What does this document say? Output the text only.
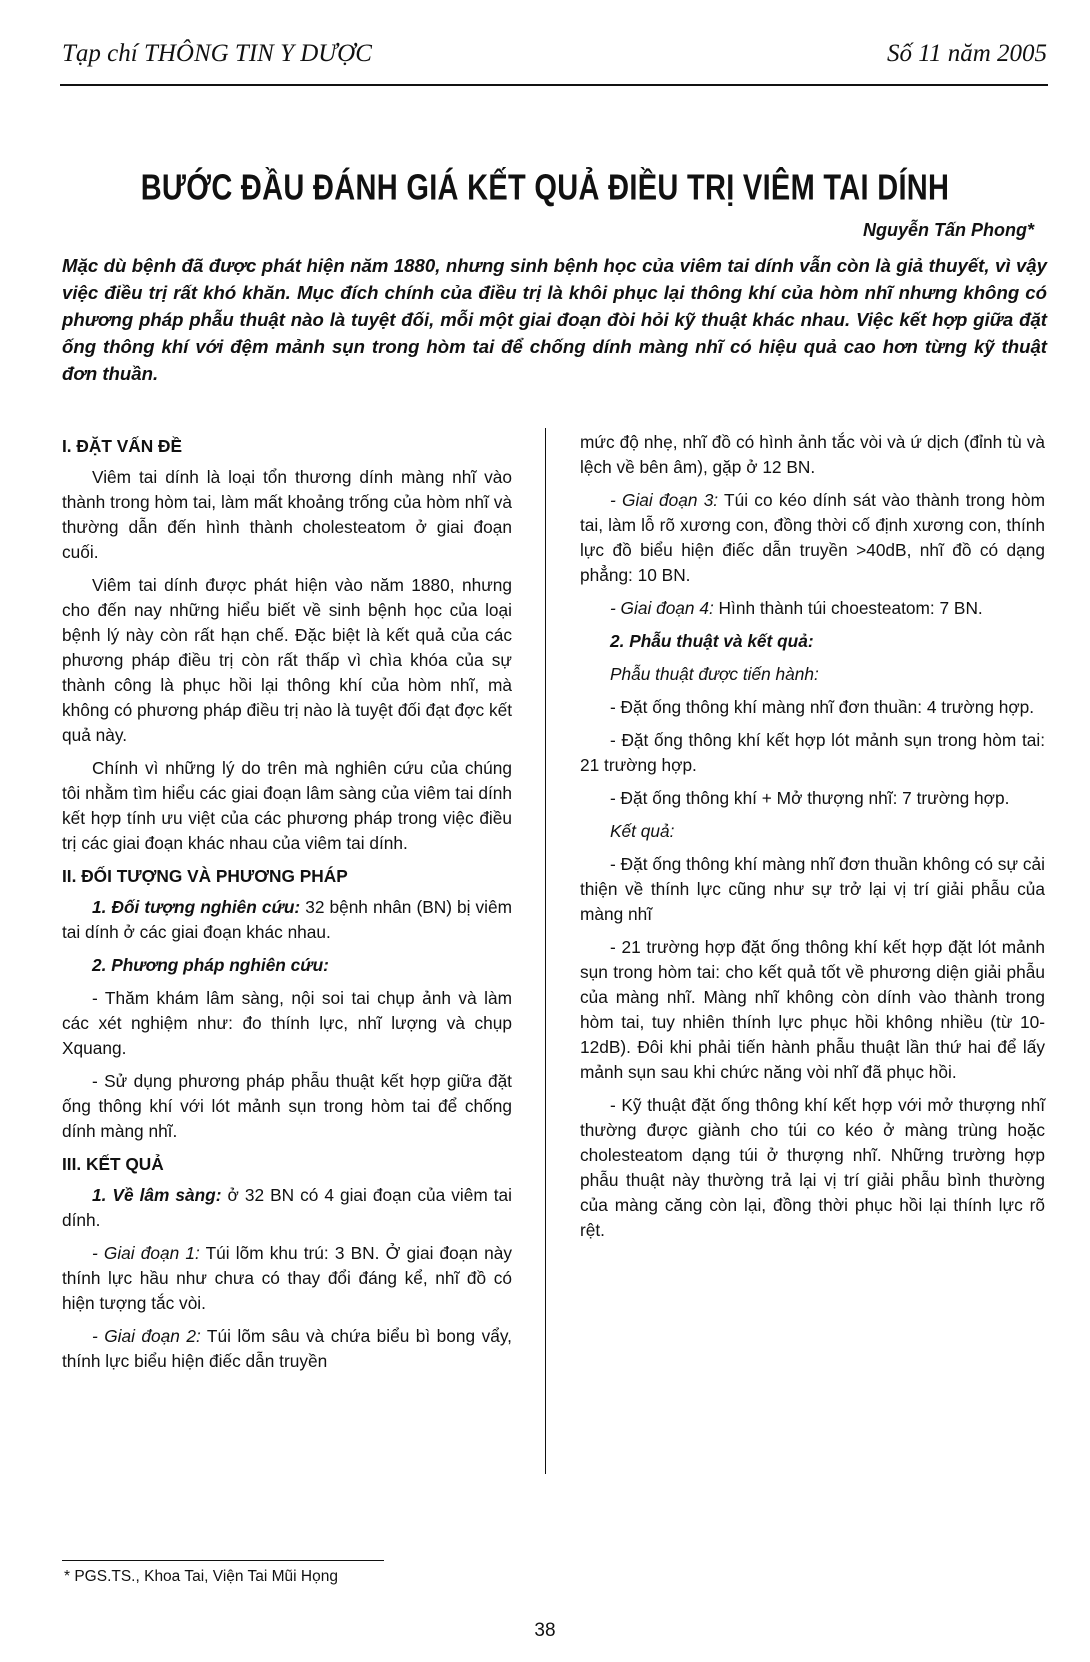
Tạp chí THÔNG TIN Y DƯỢC	Số 11 năm 2005
BƯỚC ĐẦU ĐÁNH GIÁ KẾT QUẢ ĐIỀU TRỊ VIÊM TAI DÍNH
Nguyễn Tấn Phong*
Mặc dù bệnh đã được phát hiện năm 1880, nhưng sinh bệnh học của viêm tai dính vẫn còn là giả thuyết, vì vậy việc điều trị rất khó khăn. Mục đích chính của điều trị là khôi phục lại thông khí của hòm nhĩ nhưng không có phương pháp phẫu thuật nào là tuyệt đối, mỗi một giai đoạn đòi hỏi kỹ thuật khác nhau. Việc kết hợp giữa đặt ống thông khí với đệm mảnh sụn trong hòm tai để chống dính màng nhĩ có hiệu quả cao hơn từng kỹ thuật đơn thuần.
I. ĐẶT VẤN ĐỀ

Viêm tai dính là loại tổn thương dính màng nhĩ vào thành trong hòm tai, làm mất khoảng trống của hòm nhĩ và thường dẫn đến hình thành cholesteatom ở giai đoạn cuối.

Viêm tai dính được phát hiện vào năm 1880, nhưng cho đến nay những hiểu biết về sinh bệnh học của loại bệnh lý này còn rất hạn chế. Đặc biệt là kết quả của các phương pháp điều trị còn rất thấp vì chìa khóa của sự thành công là phục hồi lại thông khí của hòm nhĩ, mà không có phương pháp điều trị nào là tuyệt đối đạt đợc kết quả này.

Chính vì những lý do trên mà nghiên cứu của chúng tôi nhằm tìm hiểu các giai đoạn lâm sàng của viêm tai dính kết hợp tính ưu việt của các phương pháp trong việc điều trị các giai đoạn khác nhau của viêm tai dính.

II. ĐỐI TƯỢNG VÀ PHƯƠNG PHÁP

1. Đối tượng nghiên cứu: 32 bệnh nhân (BN) bị viêm tai dính ở các giai đoạn khác nhau.

2. Phương pháp nghiên cứu:

- Thăm khám lâm sàng, nội soi tai chụp ảnh và làm các xét nghiệm như: đo thính lực, nhĩ lượng và chụp Xquang.

- Sử dụng phương pháp phẫu thuật kết hợp giữa đặt ống thông khí với lót mảnh sụn trong hòm tai để chống dính màng nhĩ.

III. KẾT QUẢ

1. Về lâm sàng: ở 32 BN có 4 giai đoạn của viêm tai dính.

- Giai đoạn 1: Túi lõm khu trú: 3 BN. Ở giai đoạn này thính lực hầu như chưa có thay đổi đáng kể, nhĩ đồ có hiện tượng tắc vòi.

- Giai đoạn 2: Túi lõm sâu và chứa biểu bì bong vẩy, thính lực biểu hiện điếc dẫn truyền

mức độ nhẹ, nhĩ đồ có hình ảnh tắc vòi và ứ dịch (đỉnh tù và lệch về bên âm), gặp ở 12 BN.

- Giai đoạn 3: Túi co kéo dính sát vào thành trong hòm tai, làm lỗ rõ xương con, đồng thời cố định xương con, thính lực đồ biểu hiện điếc dẫn truyền >40dB, nhĩ đồ có dạng phẳng: 10 BN.

- Giai đoạn 4: Hình thành túi choesteatom: 7 BN.

2. Phẫu thuật và kết quả:

Phẫu thuật được tiến hành:

- Đặt ống thông khí màng nhĩ đơn thuần: 4 trường hợp.

- Đặt ống thông khí kết hợp lót mảnh sụn trong hòm tai: 21 trường hợp.

- Đặt ống thông khí + Mở thượng nhĩ: 7 trường hợp.

Kết quả:

- Đặt ống thông khí màng nhĩ đơn thuần không có sự cải thiện về thính lực cũng như sự trở lại vị trí giải phẫu của màng nhĩ

- 21 trường hợp đặt ống thông khí kết hợp đặt lót mảnh sụn trong hòm tai: cho kết quả tốt về phương diện giải phẫu của màng nhĩ. Màng nhĩ không còn dính vào thành trong hòm tai, tuy nhiên thính lực phục hồi không nhiều (từ 10-12dB). Đôi khi phải tiến hành phẫu thuật lần thứ hai để lấy mảnh sụn sau khi chức năng vòi nhĩ đã phục hồi.

- Kỹ thuật đặt ống thông khí kết hợp với mở thượng nhĩ thường được giành cho túi co kéo ở màng trùng hoặc cholesteatom dạng túi ở thượng nhĩ. Những trường hợp phẫu thuật này thường trả lại vị trí giải phẫu bình thường của màng căng còn lại, đồng thời phục hồi lại thính lực rõ rệt.

* PGS.TS., Khoa Tai, Viện Tai Mũi Họng
38
